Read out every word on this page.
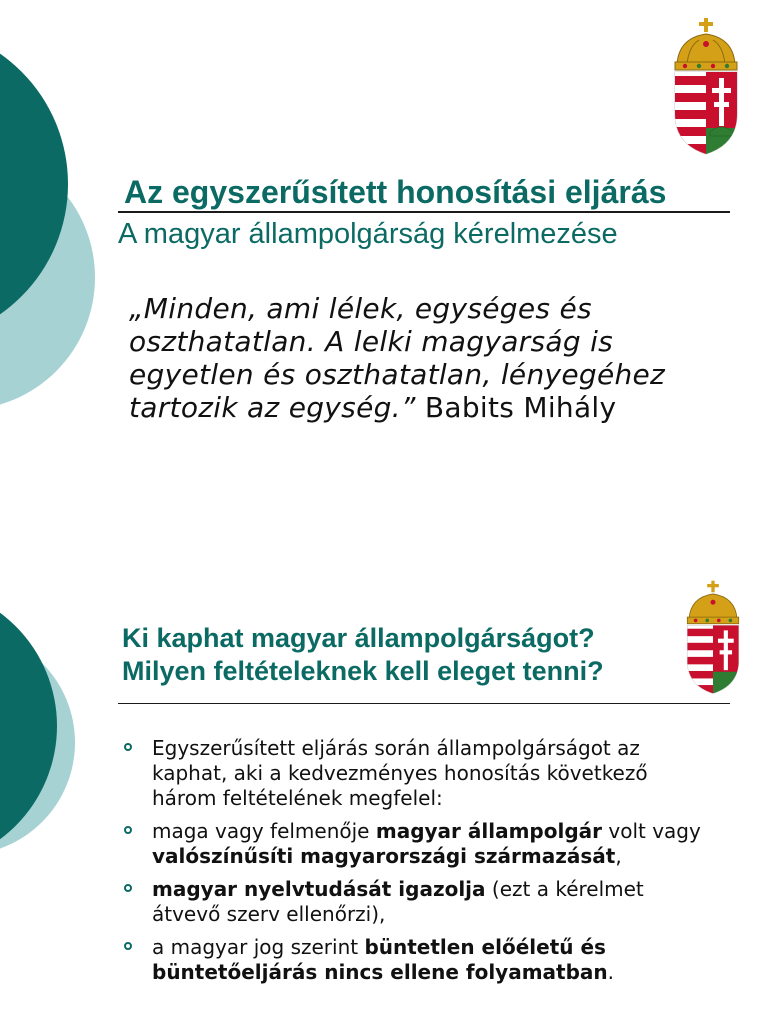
Az egyszerűsített honosítási eljárás
A magyar állampolgárság kérelmezése

„Minden, ami lélek, egységes és oszthatatlan. A lelki magyarság is egyetlen és oszthatatlan, lényegéhez tartozik az egység.” Babits Mihály

Ki kaphat magyar állampolgárságot?
Milyen feltételeknek kell eleget tenni?
Egyszerűsített eljárás során állampolgárságot az kaphat, aki a kedvezményes honosítás következő három feltételének megfelel:
maga vagy felmenője magyar állampolgár volt vagy valószínűsíti magyarországi származását,
magyar nyelvtudását igazolja (ezt a kérelmet átvevő szerv ellenőrzi),
a magyar jog szerint büntetlen előéletű és büntetőeljárás nincs ellene folyamatban.
